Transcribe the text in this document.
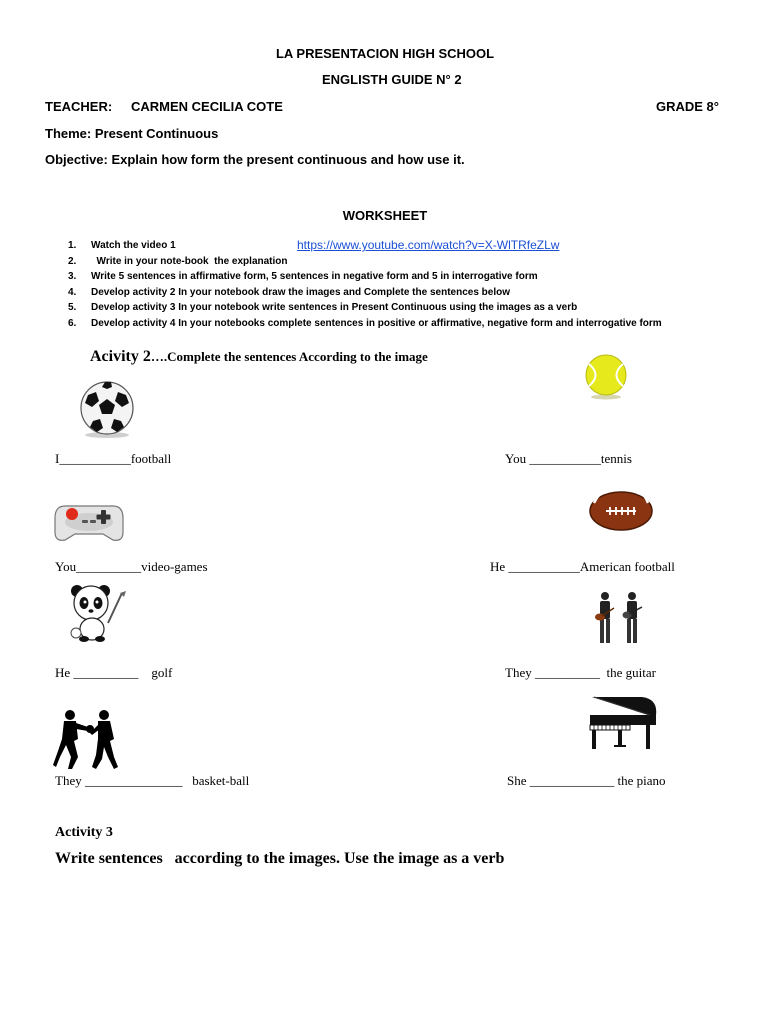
LA PRESENTACION HIGH SCHOOL
ENGLISTH GUIDE N° 2
TEACHER: CARMEN CECILIA COTE	GRADE 8°
Theme: Present Continuous
Objective: Explain how form the present continuous and how use it.
WORKSHEET
1. Watch the video 1
2. Write in your note-book  the explanation
3. Write 5 sentences in affirmative form, 5 sentences in negative form and 5 in interrogative form
4. Develop activity 2 In your notebook draw the images and Complete the sentences below
5. Develop activity 3 In your notebook write sentences in Present Continuous using the images as a verb
6. Develop activity 4 In your notebooks complete sentences in positive or affirmative, negative form and interrogative form
https://www.youtube.com/watch?v=X-WlTRfeZLw
Acivity 2….Complete the sentences According to the image
I___________football	You ___________tennis
You__________video-games	He ___________American football
He __________    golf	They __________  the guitar
They _______________   basket-ball	She _____________ the piano
Activity 3
Write sentences   according to the images. Use the image as a verb
